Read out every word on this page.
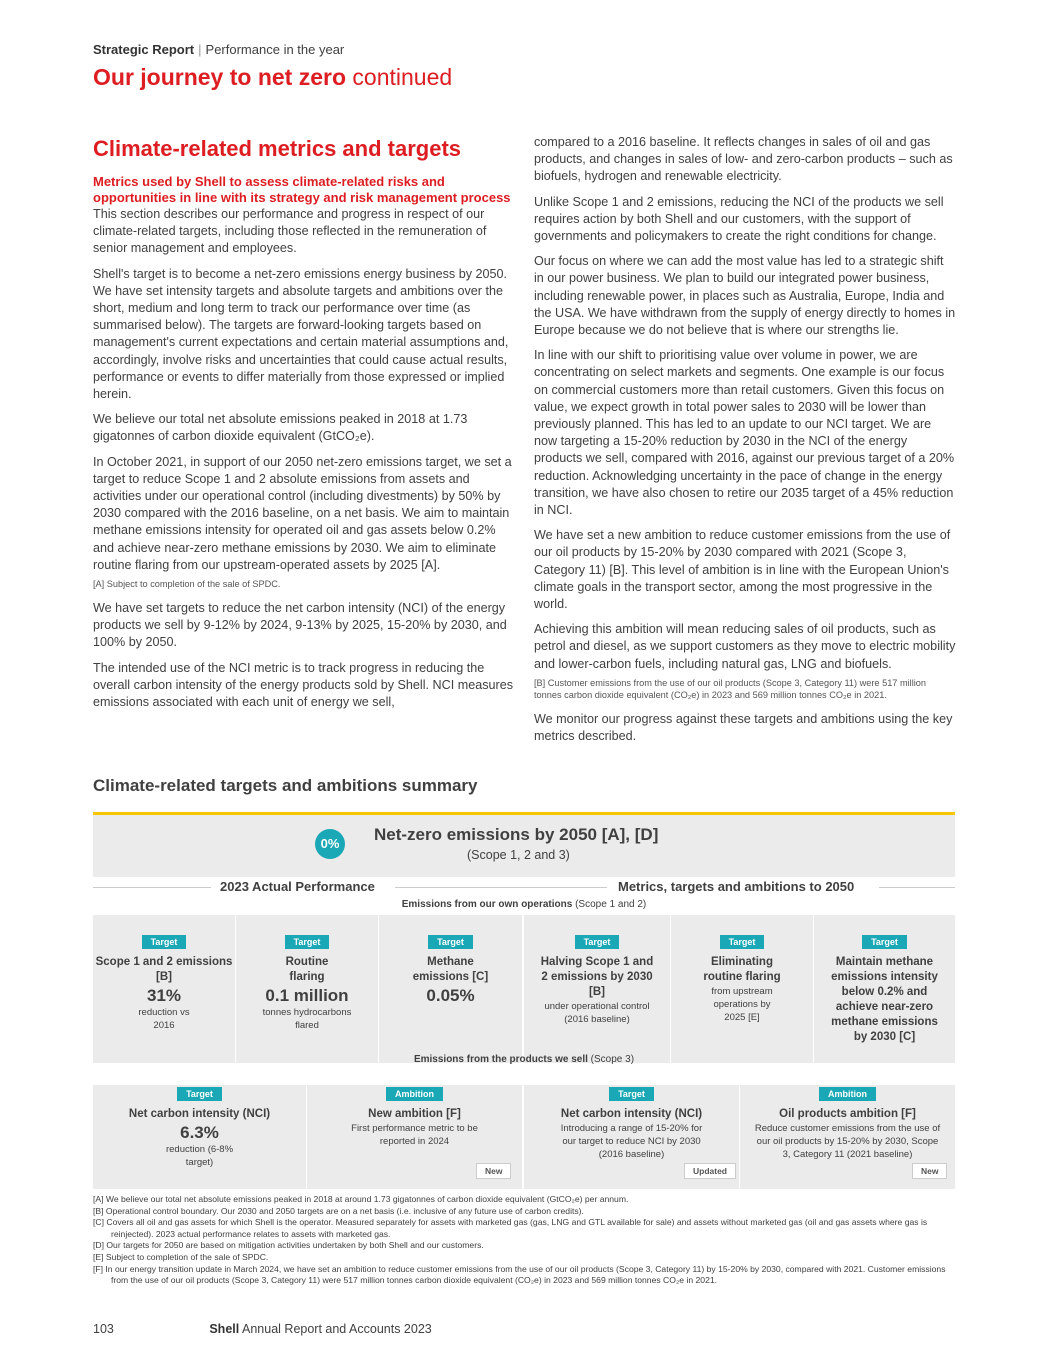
Strategic Report | Performance in the year
Our journey to net zero continued
Climate-related metrics and targets
Metrics used by Shell to assess climate-related risks and opportunities in line with its strategy and risk management process

This section describes our performance and progress in respect of our climate-related targets, including those reflected in the remuneration of senior management and employees.

Shell's target is to become a net-zero emissions energy business by 2050. We have set intensity targets and absolute targets and ambitions over the short, medium and long term to track our performance over time (as summarised below). The targets are forward-looking targets based on management's current expectations and certain material assumptions and, accordingly, involve risks and uncertainties that could cause actual results, performance or events to differ materially from those expressed or implied herein.

We believe our total net absolute emissions peaked in 2018 at 1.73 gigatonnes of carbon dioxide equivalent (GtCO₂e).

In October 2021, in support of our 2050 net-zero emissions target, we set a target to reduce Scope 1 and 2 absolute emissions from assets and activities under our operational control (including divestments) by 50% by 2030 compared with the 2016 baseline, on a net basis. We aim to maintain methane emissions intensity for operated oil and gas assets below 0.2% and achieve near-zero methane emissions by 2030. We aim to eliminate routine flaring from our upstream-operated assets by 2025 [A].

[A] Subject to completion of the sale of SPDC.

We have set targets to reduce the net carbon intensity (NCI) of the energy products we sell by 9-12% by 2024, 9-13% by 2025, 15-20% by 2030, and 100% by 2050.

The intended use of the NCI metric is to track progress in reducing the overall carbon intensity of the energy products sold by Shell. NCI measures emissions associated with each unit of energy we sell,

compared to a 2016 baseline. It reflects changes in sales of oil and gas products, and changes in sales of low- and zero-carbon products – such as biofuels, hydrogen and renewable electricity.

Unlike Scope 1 and 2 emissions, reducing the NCI of the products we sell requires action by both Shell and our customers, with the support of governments and policymakers to create the right conditions for change.

Our focus on where we can add the most value has led to a strategic shift in our power business. We plan to build our integrated power business, including renewable power, in places such as Australia, Europe, India and the USA. We have withdrawn from the supply of energy directly to homes in Europe because we do not believe that is where our strengths lie.

In line with our shift to prioritising value over volume in power, we are concentrating on select markets and segments. One example is our focus on commercial customers more than retail customers. Given this focus on value, we expect growth in total power sales to 2030 will be lower than previously planned. This has led to an update to our NCI target. We are now targeting a 15-20% reduction by 2030 in the NCI of the energy products we sell, compared with 2016, against our previous target of a 20% reduction. Acknowledging uncertainty in the pace of change in the energy transition, we have also chosen to retire our 2035 target of a 45% reduction in NCI.

We have set a new ambition to reduce customer emissions from the use of our oil products by 15-20% by 2030 compared with 2021 (Scope 3, Category 11) [B]. This level of ambition is in line with the European Union's climate goals in the transport sector, among the most progressive in the world.

Achieving this ambition will mean reducing sales of oil products, such as petrol and diesel, as we support customers as they move to electric mobility and lower-carbon fuels, including natural gas, LNG and biofuels.

[B] Customer emissions from the use of our oil products (Scope 3, Category 11) were 517 million tonnes carbon dioxide equivalent (CO₂e) in 2023 and 569 million tonnes CO₂e in 2021.

We monitor our progress against these targets and ambitions using the key metrics described.

Climate-related targets and ambitions summary
0%	Net-zero emissions by 2050 [A], [D]
(Scope 1, 2 and 3)
2023 Actual Performance	Metrics, targets and ambitions to 2050
Emissions from our own operations (Scope 1 and 2)
Target
Scope 1 and 2 emissions [B]
31%
reduction vs 2016
Target
Routine flaring
0.1 million
tonnes hydrocarbons flared
Target
Methane emissions [C]
0.05%
Target
Halving Scope 1 and 2 emissions by 2030 [B]
under operational control (2016 baseline)
Target
Eliminating routine flaring
from upstream operations by 2025 [E]
Target
Maintain methane emissions intensity below 0.2% and achieve near-zero methane emissions by 2030 [C]
Emissions from the products we sell (Scope 3)
Target
Net carbon intensity (NCI)
6.3%
reduction (6-8% target)
Ambition
New ambition [F]
First performance metric to be reported in 2024
New
Target
Net carbon intensity (NCI)
Introducing a range of 15-20% for our target to reduce NCI by 2030 (2016 baseline)
Updated
Ambition
Oil products ambition [F]
Reduce customer emissions from the use of our oil products by 15-20% by 2030, Scope 3, Category 11 (2021 baseline)
New
[A] We believe our total net absolute emissions peaked in 2018 at around 1.73 gigatonnes of carbon dioxide equivalent (GtCO₂e) per annum.
[B] Operational control boundary. Our 2030 and 2050 targets are on a net basis (i.e. inclusive of any future use of carbon credits).
[C] Covers all oil and gas assets for which Shell is the operator. Measured separately for assets with marketed gas (gas, LNG and GTL available for sale) and assets without marketed gas (oil and gas assets where gas is reinjected). 2023 actual performance relates to assets with marketed gas.
[D] Our targets for 2050 are based on mitigation activities undertaken by both Shell and our customers.
[E] Subject to completion of the sale of SPDC.
[F] In our energy transition update in March 2024, we have set an ambition to reduce customer emissions from the use of our oil products (Scope 3, Category 11) by 15-20% by 2030, compared with 2021. Customer emissions from the use of our oil products (Scope 3, Category 11) were 517 million tonnes carbon dioxide equivalent (CO₂e) in 2023 and 569 million tonnes CO₂e in 2021.
103	Shell Annual Report and Accounts 2023
